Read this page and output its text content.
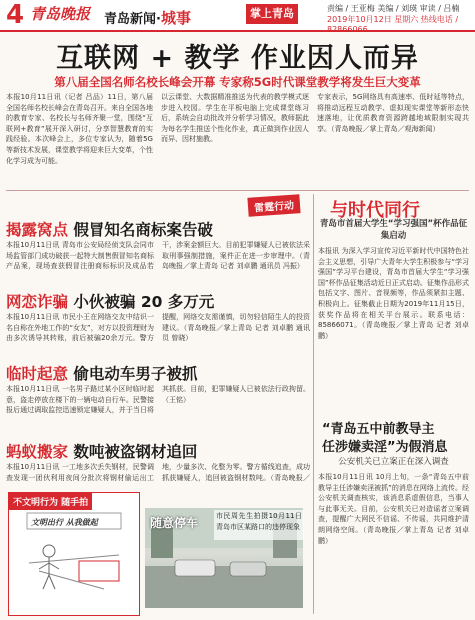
4 青岛晚报 青岛新闻·城事	掌上青岛	责编 / 王亚梅 美编 / 刘瑛 审读 / 吕楠
2019年10月12日 星期六 热线电话 / 82866066
互联网 + 教学 作业因人而异
第八届全国名师名校长峰会开幕 专家称5G时代课堂教学将发生巨大变革
本报10月11日讯（记者 吕品）11日，第八届全国名师名校长峰会在青岛召开。来自全国各地的教育专家、名校长与名师齐聚一堂，围绕“互联网+教育”展开深入研讨，分享智慧教育的实践经验。本次峰会上，多位专家认为，随着5G等新技术发展，课堂教学将迎来巨大变革，个性化学习成为可能。
以云课堂、大数据精准推送为代表的教学模式逐步进入校园。学生在平板电脑上完成课堂练习后，系统会自动批改并分析学习情况，教师据此为每名学生推送个性化作业，真正做到作业因人而异、因材施教。
专家表示，5G网络具有高速率、低时延等特点，将推动远程互动教学、虚拟现实课堂等新形态快速落地，让优质教育资源跨越地域限制实现共享。（青岛晚报／掌上青岛／观海新闻）
雷霆行动
揭露窝点 假冒知名商标案告破
本报10月11日讯 青岛市公安局经侦支队会同市场监管部门成功破获一起特大制售假冒知名商标产品案，现场查获假冒注册商标标识及成品若干，涉案金额巨大。目前犯罪嫌疑人已被依法采取刑事强制措施，案件正在进一步审理中。（青岛晚报／掌上青岛 记者 刘卓鹏 通讯员 冯振）
网恋诈骗 小伙被骗 20 多万元
本报10月11日讯 市民小王在网络交友中结识一名自称在外地工作的“女友”，对方以投资理财为由多次诱导其转账，前后被骗20余万元。警方提醒，网络交友需谨慎，切勿轻信陌生人的投资建议。（青岛晚报／掌上青岛 记者 刘卓鹏 通讯员 曾晓）
临时起意 偷电动车男子被抓
本报10月11日讯 一名男子路过某小区时临时起意，盗走停放在楼下的一辆电动自行车。民警接报后通过调取监控迅速锁定嫌疑人，并于当日将其抓获。目前，犯罪嫌疑人已被依法行政拘留。（王铭）
蚂蚁搬家 数吨被盗钢材追回
本报10月11日讯 一工地多次丢失钢材，民警调查发现一团伙利用夜间分批次将钢材偷运出工地，少量多次、化整为零。警方循线追查，成功抓获嫌疑人，追回被盗钢材数吨。（青岛晚报／
与时代同行
青岛市首届大学生“学习强国”杯作品征集启动
本报讯 为深入学习宣传习近平新时代中国特色社会主义思想，引导广大青年大学生积极参与“学习强国”学习平台建设，青岛市首届大学生“学习强国”杯作品征集活动近日正式启动。征集作品形式包括文字、图片、音视频等，作品须紧扣主题、积极向上。征集截止日期为2019年11月15日，获奖作品将在相关平台展示。联系电话：85866071。（青岛晚报／掌上青岛 记者 刘卓鹏）
“青岛五中前教导主
任涉嫌卖淫”为假消息
公安机关已立案正在深入调查
本报10月11日讯 10月上旬，一条“青岛五中前教导主任涉嫌卖淫被抓”的消息在网络上流传。经公安机关调查核实，该消息系虚假信息，当事人与此事无关。目前，公安机关已对造谣者立案调查，提醒广大网民不信谣、不传谣，共同维护清朗网络空间。（青岛晚报／掌上青岛 记者 刘卓鹏）
不文明行为 随手拍
文明出行 从我做起	随意停车	市民周先生拍摄10月11日青岛市区某路口的违停现象
